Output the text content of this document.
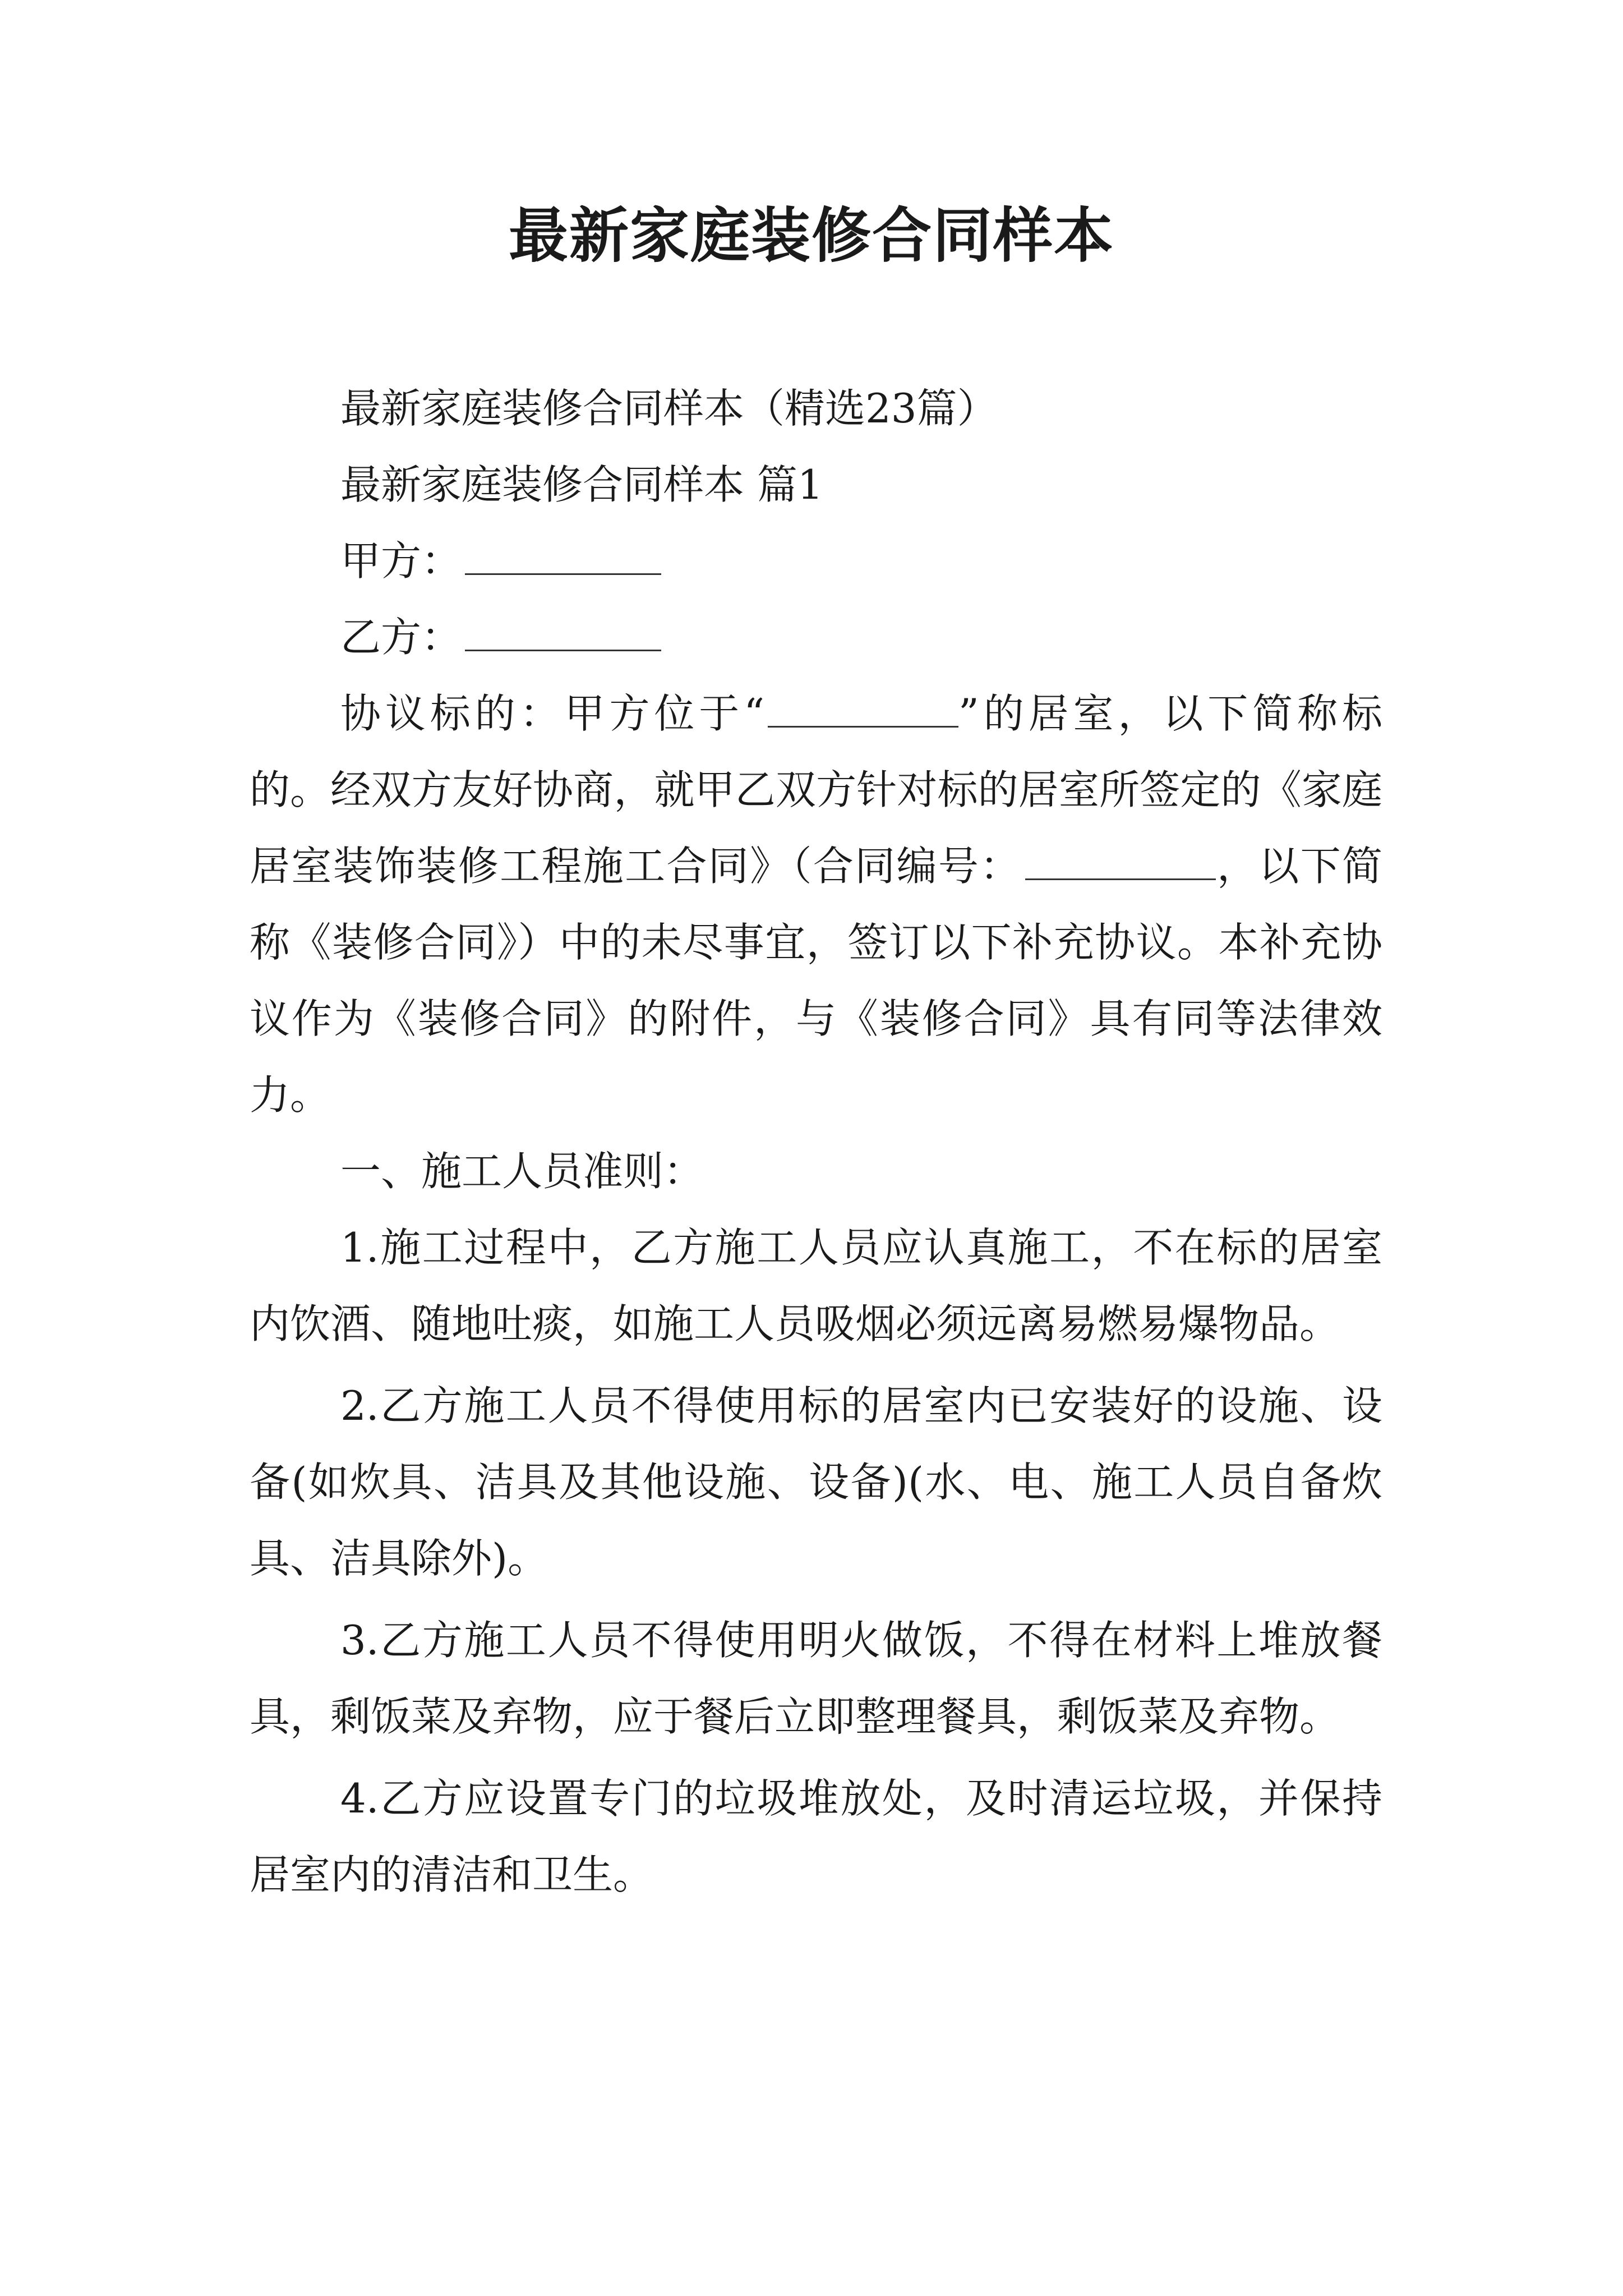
最新家庭装修合同样本

最新家庭装修合同样本（精选23篇）

最新家庭装修合同样本 篇1

甲方：

乙方：

协议标的：甲方位于“	”的居室，以下简称标的。经双方友好协商，就甲乙双方针对标的居室所签定的《家庭居室装饰装修工程施工合同》（合同编号：	，以下简称《装修合同》）中的未尽事宜，签订以下补充协议。本补充协议作为《装修合同》的附件，与《装修合同》具有同等法律效力。

一、施工人员准则：

1.施工过程中，乙方施工人员应认真施工，不在标的居室内饮酒、随地吐痰，如施工人员吸烟必须远离易燃易爆物品。

2.乙方施工人员不得使用标的居室内已安装好的设施、设备(如炊具、洁具及其他设施、设备)(水、电、施工人员自备炊具、洁具除外)。

3.乙方施工人员不得使用明火做饭，不得在材料上堆放餐具，剩饭菜及弃物，应于餐后立即整理餐具，剩饭菜及弃物。

4.乙方应设置专门的垃圾堆放处，及时清运垃圾，并保持居室内的清洁和卫生。
